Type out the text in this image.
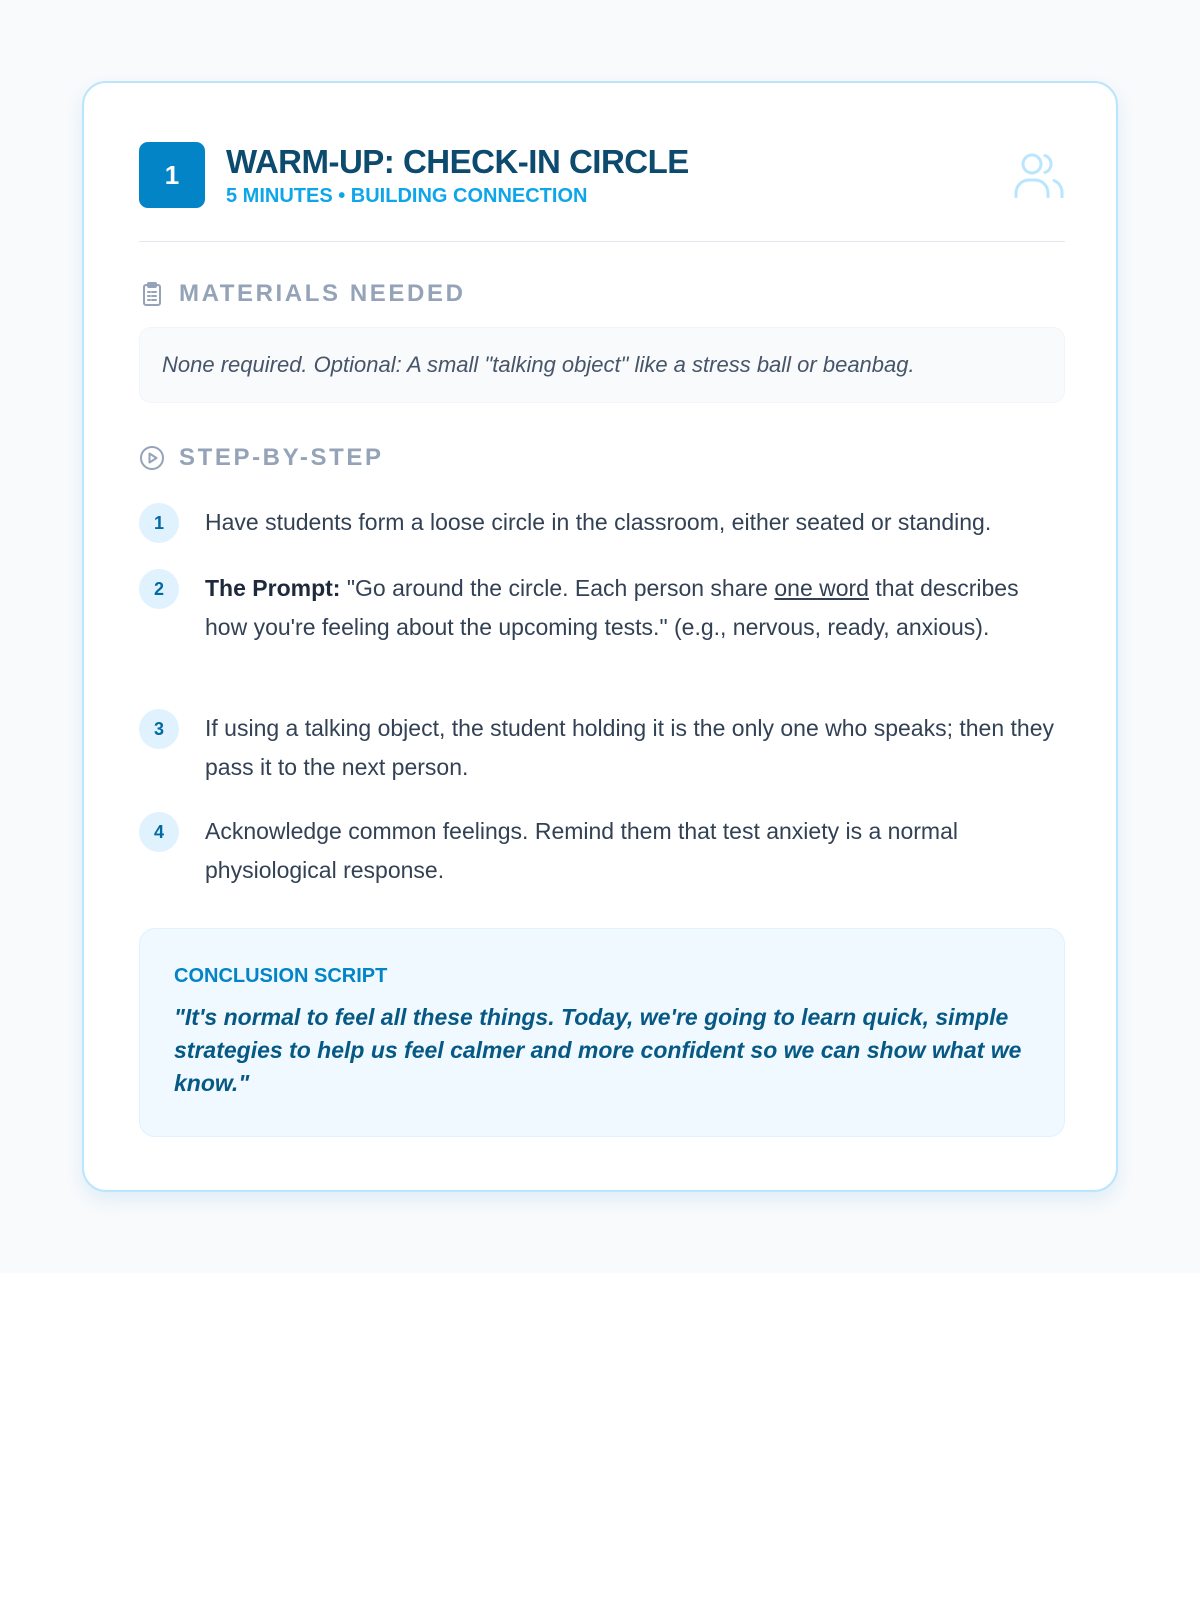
1	WARM-UP: CHECK-IN CIRCLE
5 MINUTES • BUILDING CONNECTION
MATERIALS NEEDED
None required. Optional: A small "talking object" like a stress ball or beanbag.
STEP-BY-STEP
1	Have students form a loose circle in the classroom, either seated or standing.
2	The Prompt: "Go around the circle. Each person share one word that describes how you're feeling about the upcoming tests." (e.g., nervous, ready, anxious).
3	If using a talking object, the student holding it is the only one who speaks; then they pass it to the next person.
4	Acknowledge common feelings. Remind them that test anxiety is a normal physiological response.
CONCLUSION SCRIPT
"It's normal to feel all these things. Today, we're going to learn quick, simple strategies to help us feel calmer and more confident so we can show what we know."
